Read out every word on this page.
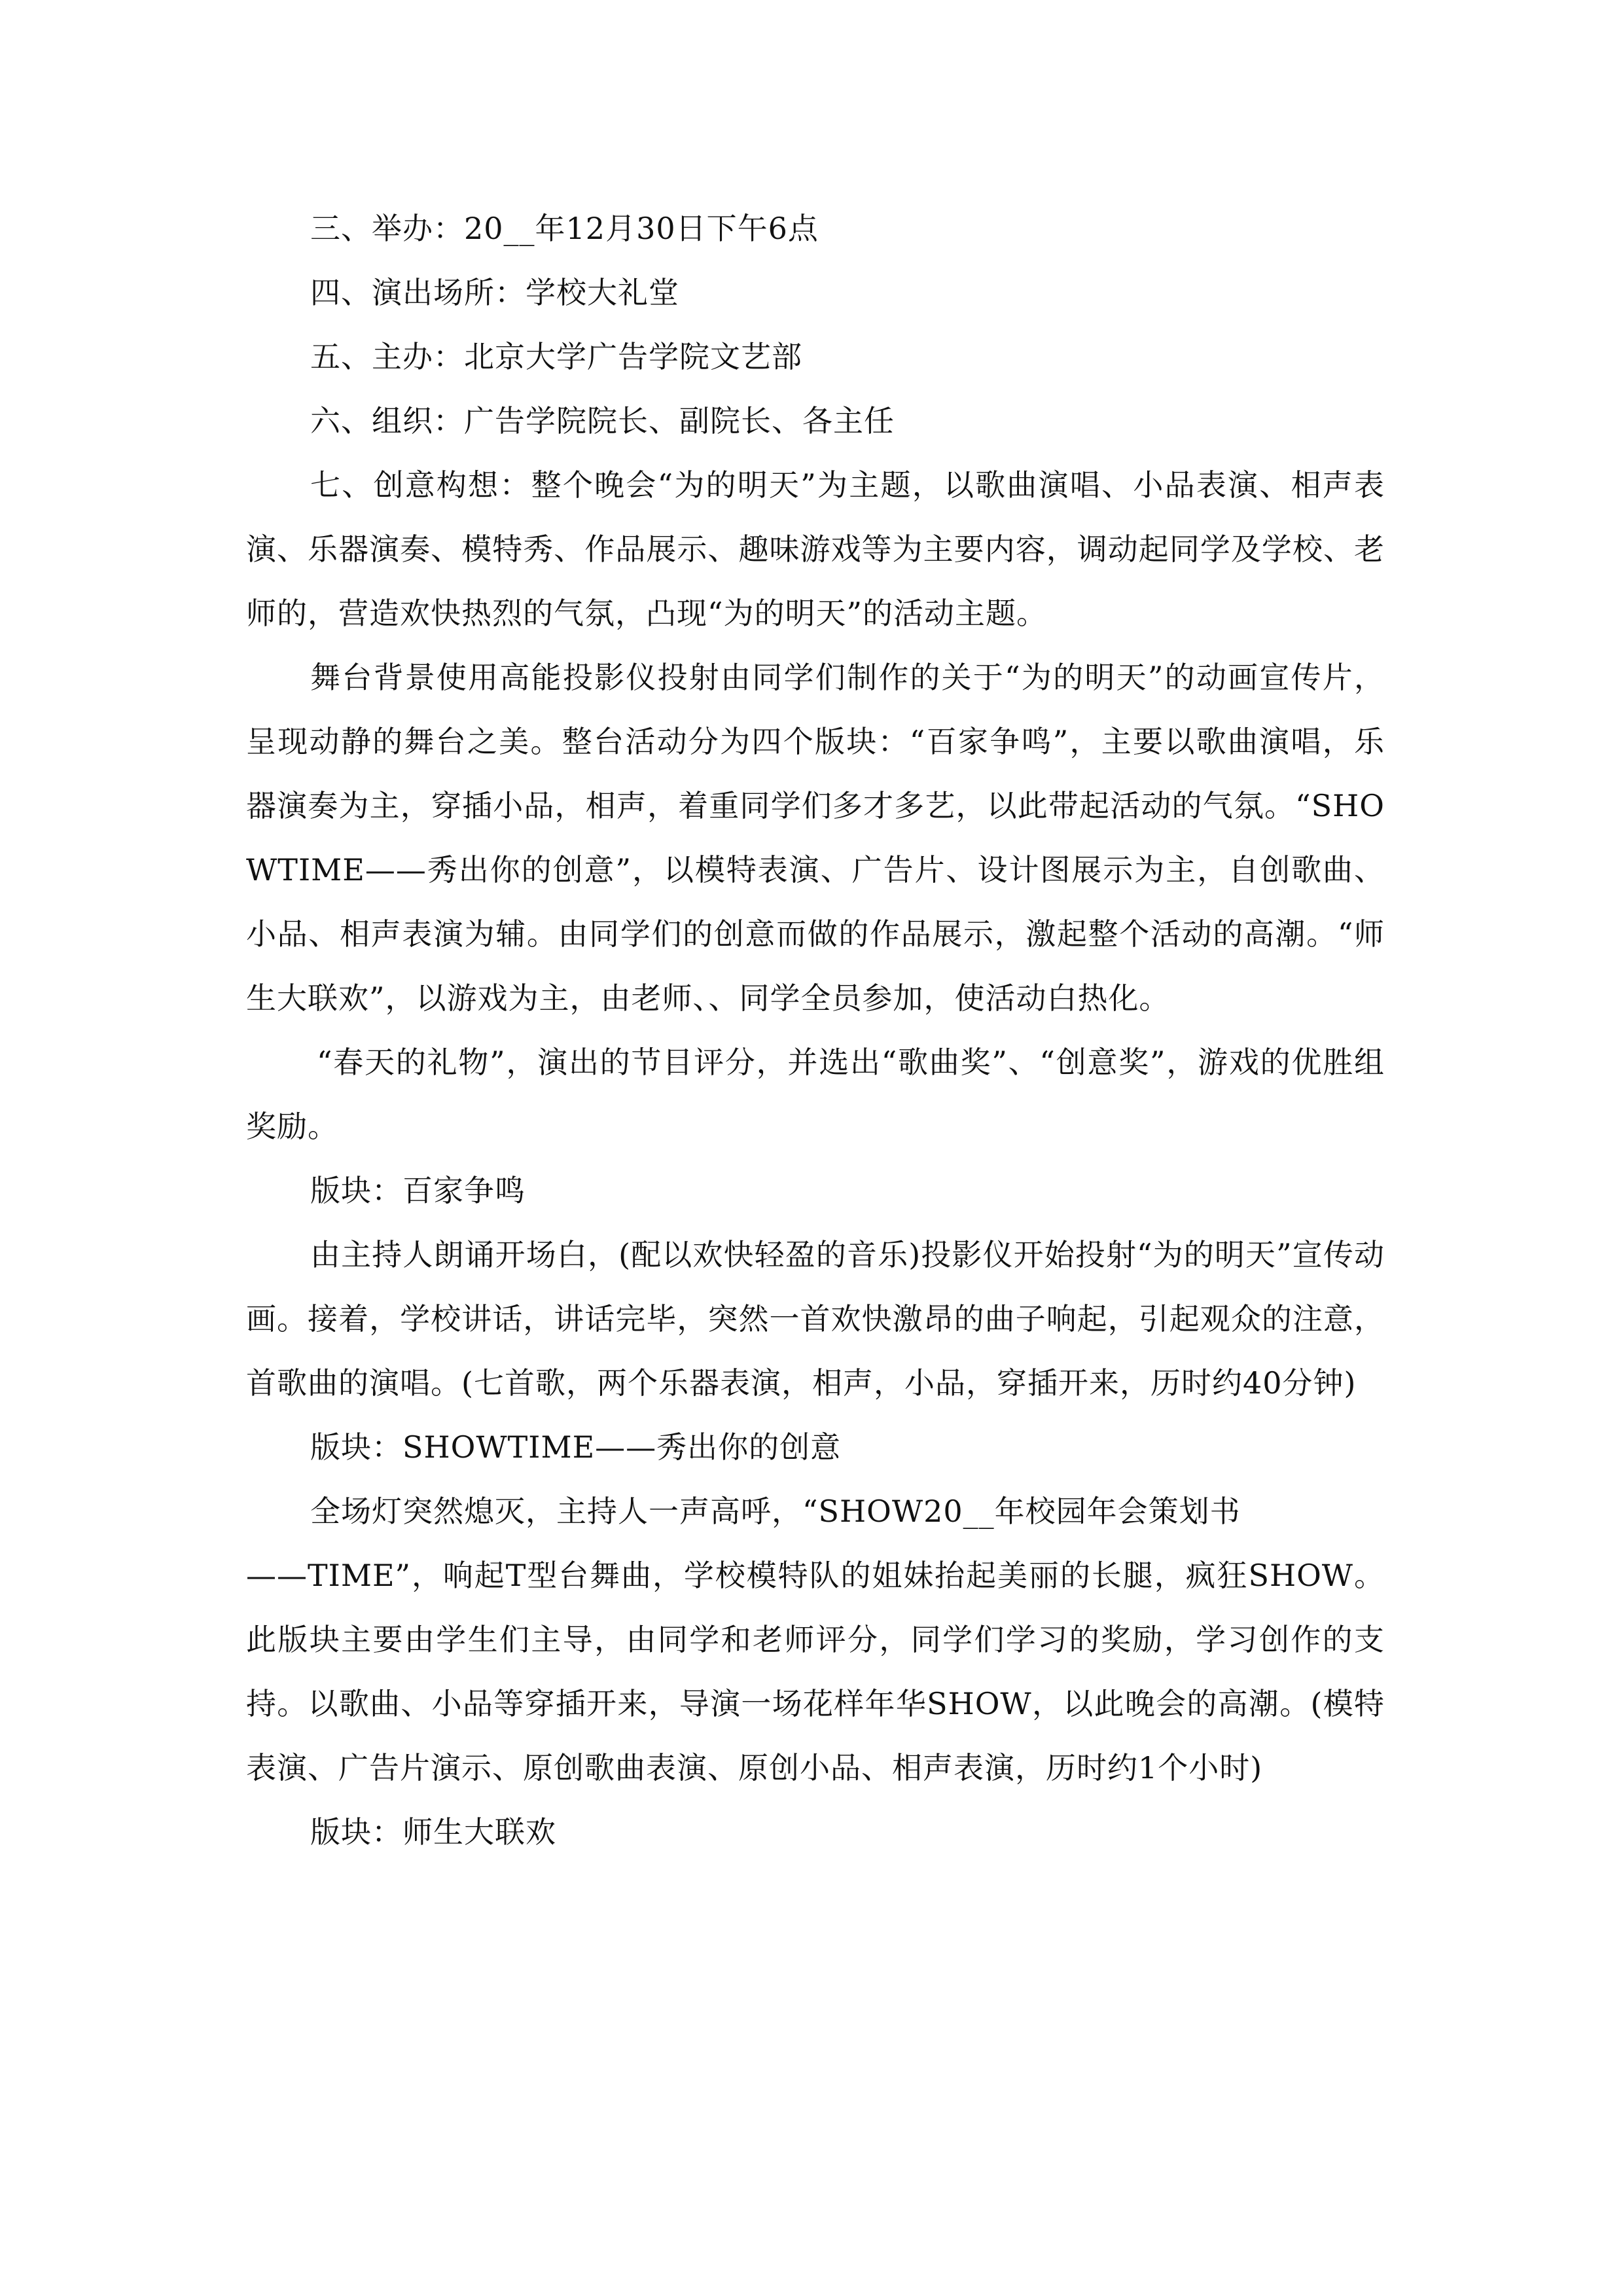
三、举办：20__年12月30日下午6点

四、演出场所：学校大礼堂

五、主办：北京大学广告学院文艺部

六、组织：广告学院院长、副院长、各主任

七、创意构想：整个晚会“为的明天”为主题，以歌曲演唱、小品表演、相声表演、乐器演奏、模特秀、作品展示、趣味游戏等为主要内容，调动起同学及学校、老师的，营造欢快热烈的气氛，凸现“为的明天”的活动主题。

舞台背景使用高能投影仪投射由同学们制作的关于“为的明天”的动画宣传片，呈现动静的舞台之美。整台活动分为四个版块：“百家争鸣”，主要以歌曲演唱，乐器演奏为主，穿插小品，相声，着重同学们多才多艺，以此带起活动的气氛。“SHOWTIME——秀出你的创意”，以模特表演、广告片、设计图展示为主，自创歌曲、小品、相声表演为辅。由同学们的创意而做的作品展示，激起整个活动的高潮。“师生大联欢”，以游戏为主，由老师、、同学全员参加，使活动白热化。

“春天的礼物”，演出的节目评分，并选出“歌曲奖”、“创意奖”，游戏的优胜组奖励。

版块：百家争鸣

由主持人朗诵开场白，(配以欢快轻盈的音乐)投影仪开始投射“为的明天”宣传动画。接着，学校讲话，讲话完毕，突然一首欢快激昂的曲子响起，引起观众的注意，首歌曲的演唱。(七首歌，两个乐器表演，相声，小品，穿插开来，历时约40分钟)

版块：SHOWTIME——秀出你的创意

全场灯突然熄灭，主持人一声高呼，“SHOW20__年校园年会策划书

——TIME”，响起T型台舞曲，学校模特队的姐妹抬起美丽的长腿，疯狂SHOW。此版块主要由学生们主导，由同学和老师评分，同学们学习的奖励，学习创作的支持。以歌曲、小品等穿插开来，导演一场花样年华SHOW，以此晚会的高潮。(模特表演、广告片演示、原创歌曲表演、原创小品、相声表演，历时约1个小时)

版块：师生大联欢
